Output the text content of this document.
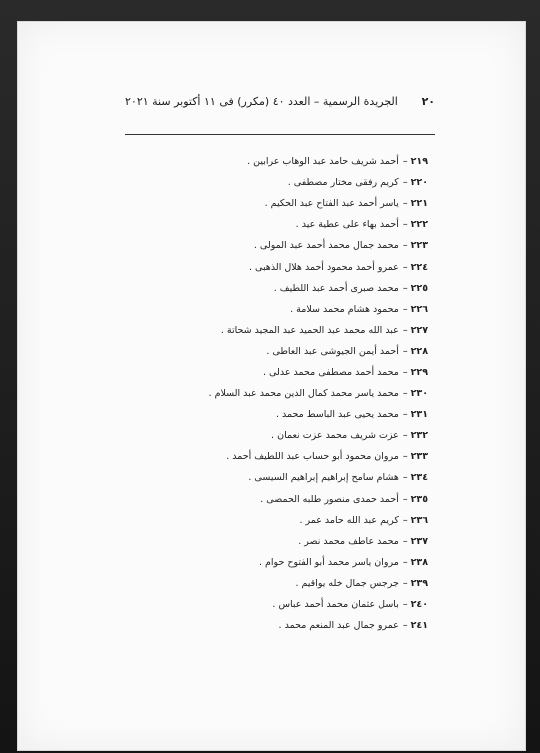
٢٠
الجريدة الرسمية – العدد ٤٠ (مكرر) فى ١١ أكتوبر سنة ٢٠٢١
٢١٩
–
أحمد شريف حامد عبد الوهاب عرابين .
٢٢٠
–
كريم رفقى مختار مصطفى .
٢٢١
–
ياسر أحمد عبد الفتاح عبد الحكيم .
٢٢٢
–
أحمد بهاء على عطية عيد .
٢٢٣
–
محمد جمال محمد أحمد عبد المولى .
٢٢٤
–
عمرو أحمد محمود أحمد هلال الذهبى .
٢٢٥
–
محمد صبرى أحمد عبد اللطيف .
٢٢٦
–
محمود هشام محمد سلامة .
٢٢٧
–
عبد الله محمد عبد الحميد عبد المجيد شحاتة .
٢٢٨
–
أحمد أيمن الجيوشى عبد العاطى .
٢٢٩
–
محمد أحمد مصطفى محمد عدلى .
٢٣٠
–
محمد ياسر محمد كمال الدين محمد عبد السلام .
٢٣١
–
محمد يحيى عبد الباسط محمد .
٢٣٢
–
عزت شريف محمد عزت نعمان .
٢٣٣
–
مروان محمود أبو حساب عبد اللطيف أحمد .
٢٣٤
–
هشام سامح إبراهيم إبراهيم السيسى .
٢٣٥
–
أحمد حمدى منصور طلبه الحمصى .
٢٣٦
–
كريم عبد الله حامد عمر .
٢٣٧
–
محمد عاطف محمد نصر .
٢٣٨
–
مروان ياسر محمد أبو الفتوح حوام .
٢٣٩
–
جرجس جمال خله يواقيم .
٢٤٠
–
باسل عثمان محمد أحمد عباس .
٢٤١
–
عمرو جمال عبد المنعم محمد .
